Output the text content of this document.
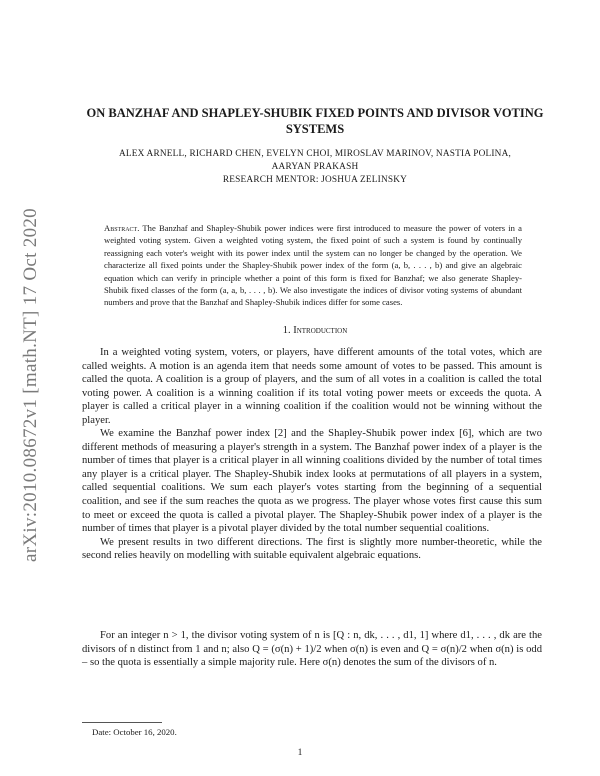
arXiv:2010.08672v1 [math.NT] 17 Oct 2020
ON BANZHAF AND SHAPLEY-SHUBIK FIXED POINTS AND DIVISOR VOTING SYSTEMS
ALEX ARNELL, RICHARD CHEN, EVELYN CHOI, MIROSLAV MARINOV, NASTIA POLINA,
AARYAN PRAKASH
RESEARCH MENTOR: JOSHUA ZELINSKY
Abstract. The Banzhaf and Shapley-Shubik power indices were first introduced to measure the power of voters in a weighted voting system. Given a weighted voting system, the fixed point of such a system is found by continually reassigning each voter's weight with its power index until the system can no longer be changed by the operation. We characterize all fixed points under the Shapley-Shubik power index of the form (a, b, . . . , b) and give an algebraic equation which can verify in principle whether a point of this form is fixed for Banzhaf; we also generate Shapley-Shubik fixed classes of the form (a, a, b, . . . , b). We also investigate the indices of divisor voting systems of abundant numbers and prove that the Banzhaf and Shapley-Shubik indices differ for some cases.
1. Introduction

In a weighted voting system, voters, or players, have different amounts of the total votes, which are called weights. A motion is an agenda item that needs some amount of votes to be passed. This amount is called the quota. A coalition is a group of players, and the sum of all votes in a coalition is called the total voting power. A coalition is a winning coalition if its total voting power meets or exceeds the quota. A player is called a critical player in a winning coalition if the coalition would not be winning without the player.

We examine the Banzhaf power index [2] and the Shapley-Shubik power index [6], which are two different methods of measuring a player's strength in a system. The Banzhaf power index of a player is the number of times that player is a critical player in all winning coalitions divided by the number of total times any player is a critical player. The Shapley-Shubik index looks at permutations of all players in a system, called sequential coalitions. We sum each player's votes starting from the beginning of a sequential coalition, and see if the sum reaches the quota as we progress. The player whose votes first cause this sum to meet or exceed the quota is called a pivotal player. The Shapley-Shubik power index of a player is the number of times that player is a pivotal player divided by the total number sequential coalitions.

We present results in two different directions. The first is slightly more number-theoretic, while the second relies heavily on modelling with suitable equivalent algebraic equations.

For an integer n > 1, the divisor voting system of n is [Q : n, dk, . . . , d1, 1] where d1, . . . , dk are the divisors of n distinct from 1 and n; also Q = (σ(n) + 1)/2 when σ(n) is even and Q = σ(n)/2 when σ(n) is odd – so the quota is essentially a simple majority rule. Here σ(n) denotes the sum of the divisors of n.

Date: October 16, 2020.
1
